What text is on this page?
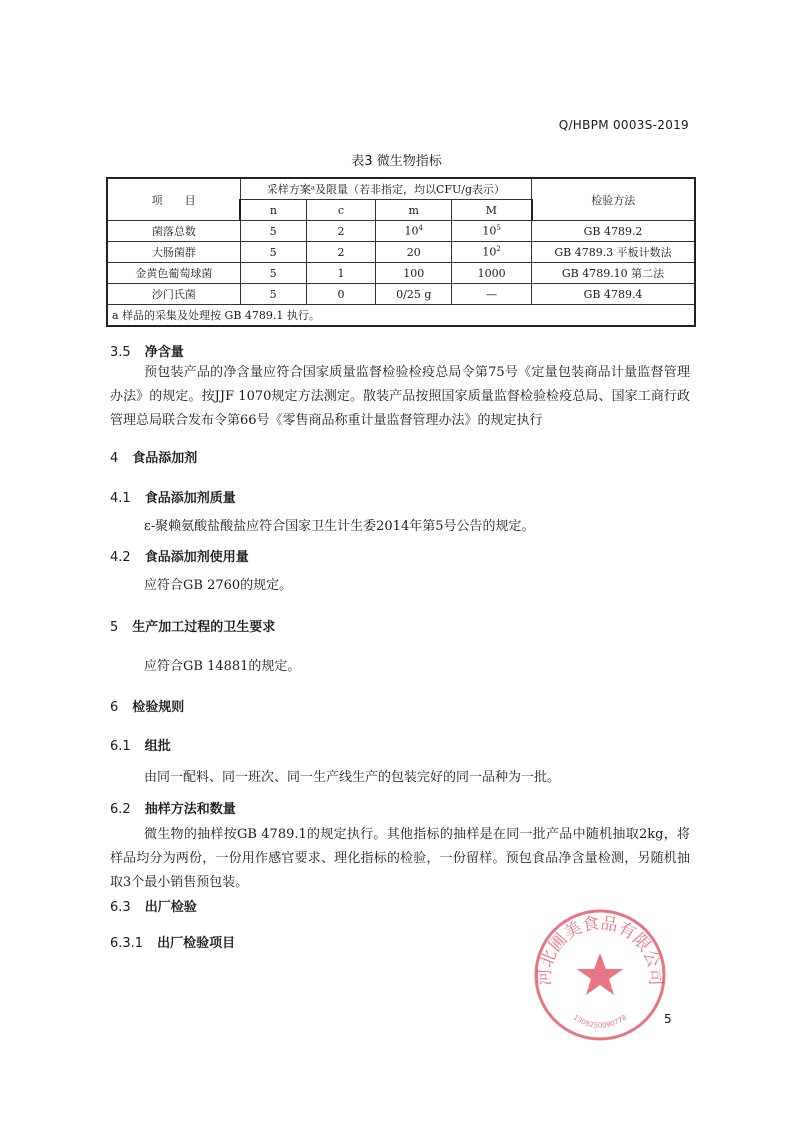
Q/HBPM 0003S-2019
表3 微生物指标
项　　目	采样方案ᵃ及限量（若非指定，均以CFU/g表示）				检验方法
	n	c	m	M	
菌落总数	5	2	$10^4$	$10^5$	GB 4789.2
大肠菌群	5	2	20	$10^2$	GB 4789.3 平板计数法
金黄色葡萄球菌	5	1	100	1000	GB 4789.10 第二法
沙门氏菌	5	0	0/25 g	—	GB 4789.4
a 样品的采集及处理按 GB 4789.1 执行。					
3.5 净含量
预包装产品的净含量应符合国家质量监督检验检疫总局令第75号《定量包装商品计量监督管理办法》的规定。按JJF 1070规定方法测定。散装产品按照国家质量监督检验检疫总局、国家工商行政管理总局联合发布令第66号《零售商品称重计量监督管理办法》的规定执行
4 食品添加剂
4.1 食品添加剂质量
ε-聚赖氨酸盐酸盐应符合国家卫生计生委2014年第5号公告的规定。
4.2 食品添加剂使用量
应符合GB 2760的规定。
5 生产加工过程的卫生要求
应符合GB 14881的规定。
6 检验规则
6.1 组批
由同一配料、同一班次、同一生产线生产的包装完好的同一品种为一批。
6.2 抽样方法和数量
微生物的抽样按GB 4789.1的规定执行。其他指标的抽样是在同一批产品中随机抽取2kg，将样品均分为两份，一份用作感官要求、理化指标的检验，一份留样。预包食品净含量检测，另随机抽取3个最小销售预包装。
6.3 出厂检验
6.3.1 出厂检验项目
河北圃美食品有限公司
1309250090778	5
